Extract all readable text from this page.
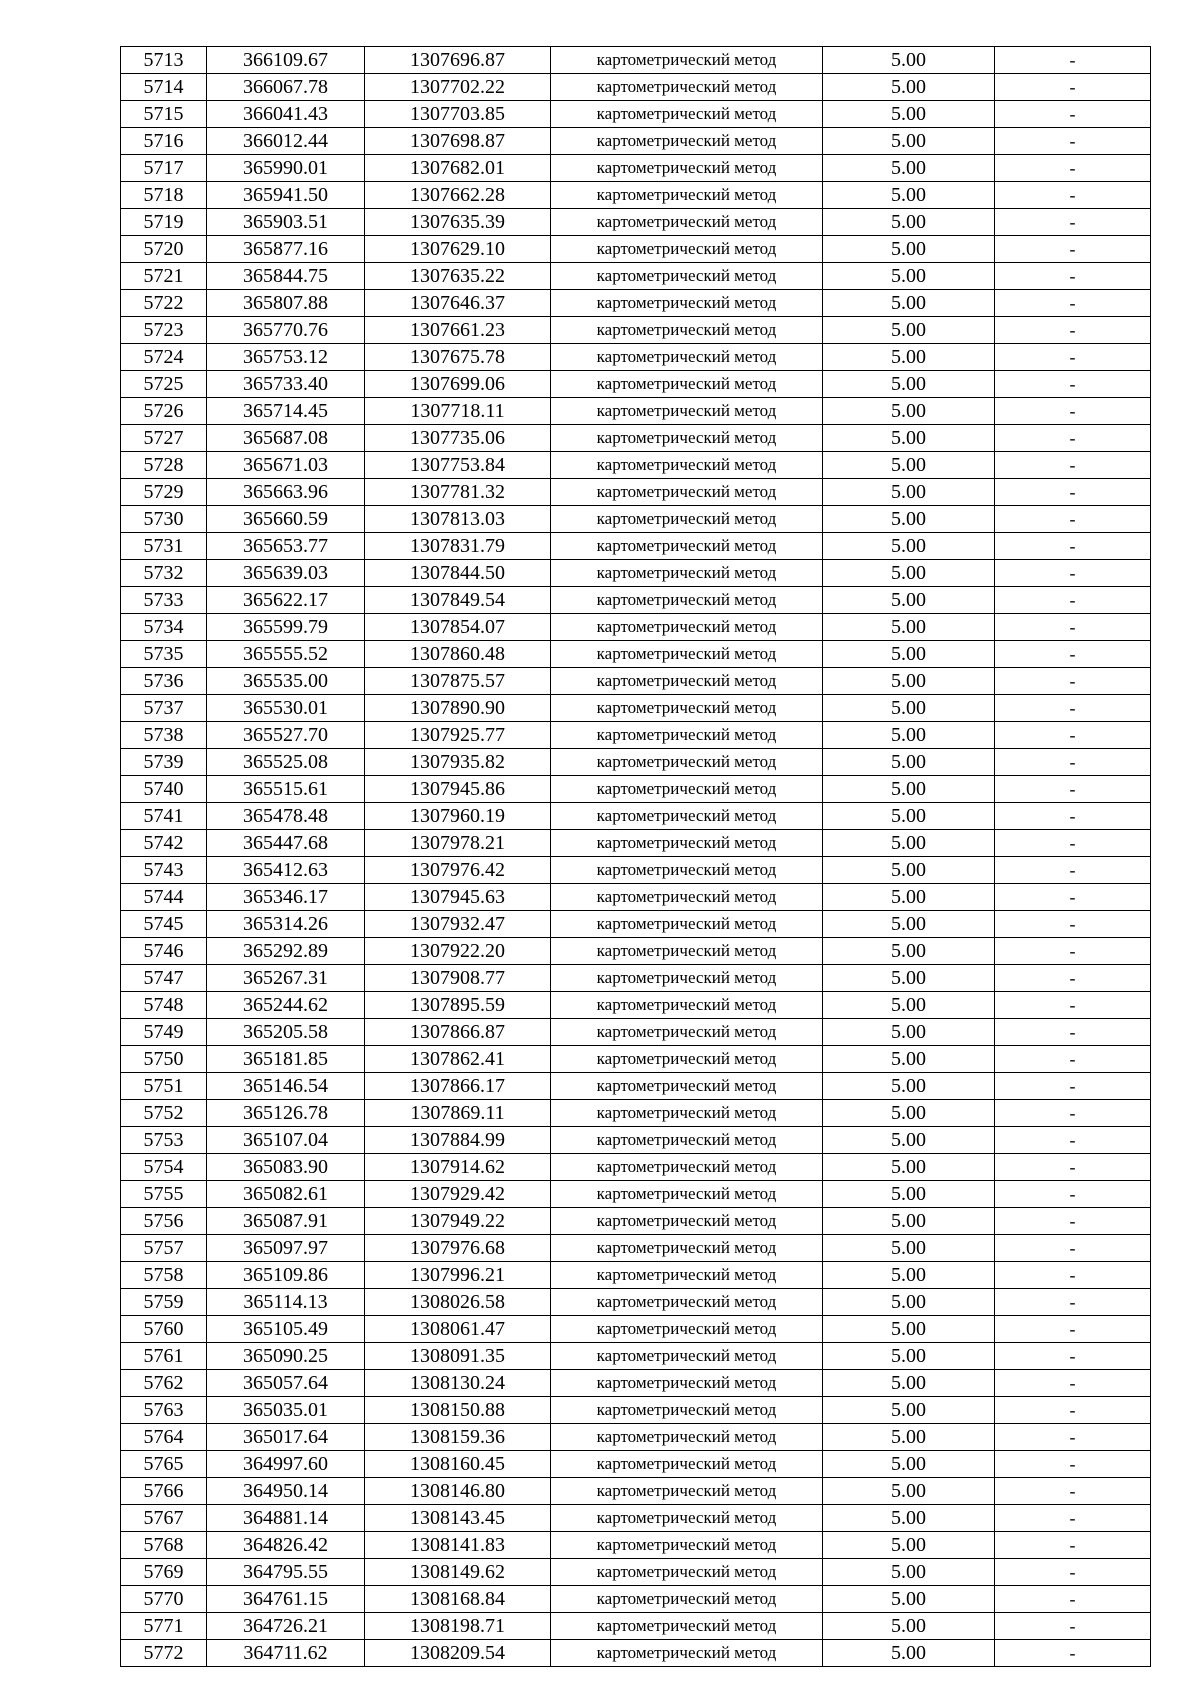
5713	366109.67	1307696.87	картометрический метод	5.00	-
5714	366067.78	1307702.22	картометрический метод	5.00	-
5715	366041.43	1307703.85	картометрический метод	5.00	-
5716	366012.44	1307698.87	картометрический метод	5.00	-
5717	365990.01	1307682.01	картометрический метод	5.00	-
5718	365941.50	1307662.28	картометрический метод	5.00	-
5719	365903.51	1307635.39	картометрический метод	5.00	-
5720	365877.16	1307629.10	картометрический метод	5.00	-
5721	365844.75	1307635.22	картометрический метод	5.00	-
5722	365807.88	1307646.37	картометрический метод	5.00	-
5723	365770.76	1307661.23	картометрический метод	5.00	-
5724	365753.12	1307675.78	картометрический метод	5.00	-
5725	365733.40	1307699.06	картометрический метод	5.00	-
5726	365714.45	1307718.11	картометрический метод	5.00	-
5727	365687.08	1307735.06	картометрический метод	5.00	-
5728	365671.03	1307753.84	картометрический метод	5.00	-
5729	365663.96	1307781.32	картометрический метод	5.00	-
5730	365660.59	1307813.03	картометрический метод	5.00	-
5731	365653.77	1307831.79	картометрический метод	5.00	-
5732	365639.03	1307844.50	картометрический метод	5.00	-
5733	365622.17	1307849.54	картометрический метод	5.00	-
5734	365599.79	1307854.07	картометрический метод	5.00	-
5735	365555.52	1307860.48	картометрический метод	5.00	-
5736	365535.00	1307875.57	картометрический метод	5.00	-
5737	365530.01	1307890.90	картометрический метод	5.00	-
5738	365527.70	1307925.77	картометрический метод	5.00	-
5739	365525.08	1307935.82	картометрический метод	5.00	-
5740	365515.61	1307945.86	картометрический метод	5.00	-
5741	365478.48	1307960.19	картометрический метод	5.00	-
5742	365447.68	1307978.21	картометрический метод	5.00	-
5743	365412.63	1307976.42	картометрический метод	5.00	-
5744	365346.17	1307945.63	картометрический метод	5.00	-
5745	365314.26	1307932.47	картометрический метод	5.00	-
5746	365292.89	1307922.20	картометрический метод	5.00	-
5747	365267.31	1307908.77	картометрический метод	5.00	-
5748	365244.62	1307895.59	картометрический метод	5.00	-
5749	365205.58	1307866.87	картометрический метод	5.00	-
5750	365181.85	1307862.41	картометрический метод	5.00	-
5751	365146.54	1307866.17	картометрический метод	5.00	-
5752	365126.78	1307869.11	картометрический метод	5.00	-
5753	365107.04	1307884.99	картометрический метод	5.00	-
5754	365083.90	1307914.62	картометрический метод	5.00	-
5755	365082.61	1307929.42	картометрический метод	5.00	-
5756	365087.91	1307949.22	картометрический метод	5.00	-
5757	365097.97	1307976.68	картометрический метод	5.00	-
5758	365109.86	1307996.21	картометрический метод	5.00	-
5759	365114.13	1308026.58	картометрический метод	5.00	-
5760	365105.49	1308061.47	картометрический метод	5.00	-
5761	365090.25	1308091.35	картометрический метод	5.00	-
5762	365057.64	1308130.24	картометрический метод	5.00	-
5763	365035.01	1308150.88	картометрический метод	5.00	-
5764	365017.64	1308159.36	картометрический метод	5.00	-
5765	364997.60	1308160.45	картометрический метод	5.00	-
5766	364950.14	1308146.80	картометрический метод	5.00	-
5767	364881.14	1308143.45	картометрический метод	5.00	-
5768	364826.42	1308141.83	картометрический метод	5.00	-
5769	364795.55	1308149.62	картометрический метод	5.00	-
5770	364761.15	1308168.84	картометрический метод	5.00	-
5771	364726.21	1308198.71	картометрический метод	5.00	-
5772	364711.62	1308209.54	картометрический метод	5.00	-
